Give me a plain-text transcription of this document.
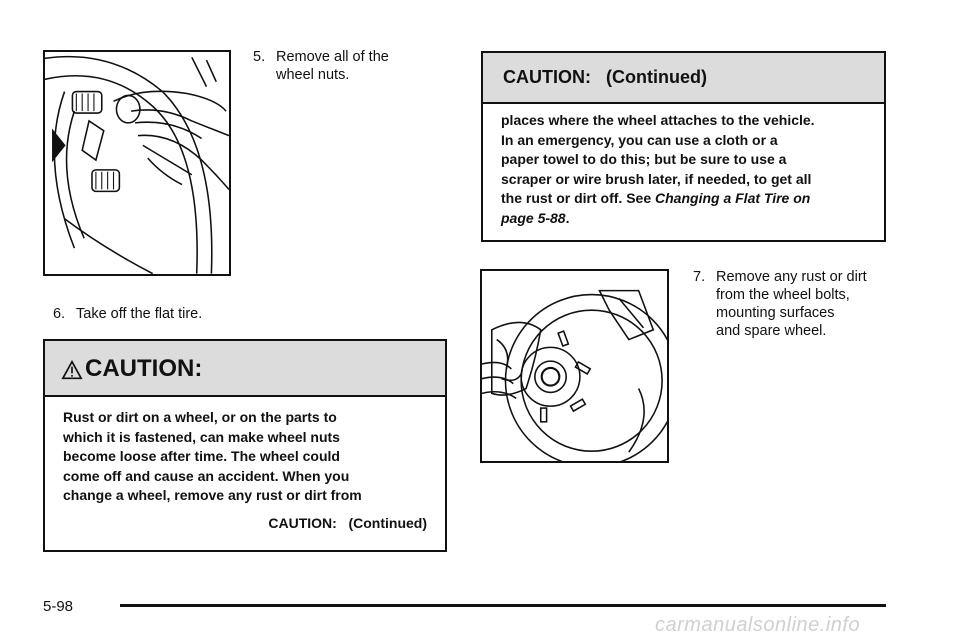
5. Remove all of the
wheel nuts.
6. Take off the flat tire.
CAUTION:
Rust or dirt on a wheel, or on the parts to
which it is fastened, can make wheel nuts
become loose after time. The wheel could
come off and cause an accident. When you
change a wheel, remove any rust or dirt from
CAUTION:   (Continued)
CAUTION:   (Continued)
places where the wheel attaches to the vehicle.
In an emergency, you can use a cloth or a
paper towel to do this; but be sure to use a
scraper or wire brush later, if needed, to get all
the rust or dirt off. See Changing a Flat Tire on
page 5-88.
7. Remove any rust or dirt
from the wheel bolts,
mounting surfaces
and spare wheel.
5-98
carmanualsonline.info
